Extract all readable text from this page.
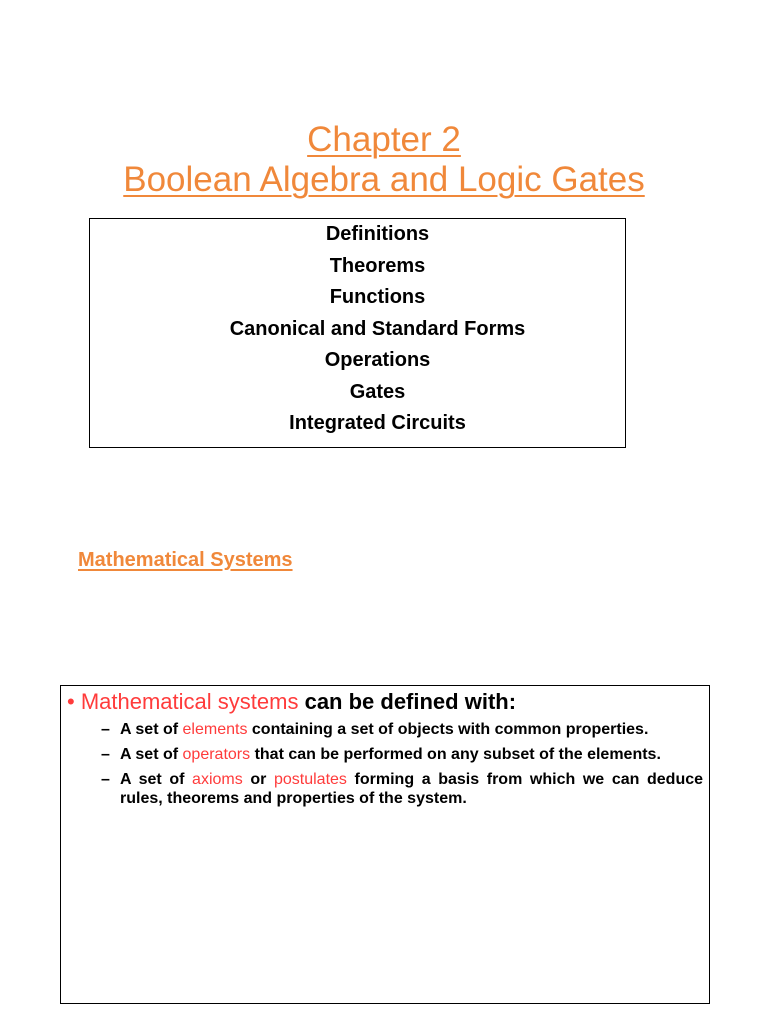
Chapter 2
Boolean Algebra and Logic Gates
Definitions
Theorems
Functions
Canonical and Standard Forms
Operations
Gates
Integrated Circuits
Mathematical Systems
• Mathematical systems can be defined with:
– A set of elements containing a set of objects with common properties.
– A set of operators that can be performed on any subset of the elements.
– A set of axioms or postulates forming a basis from which we can deduce rules, theorems and properties of the system.
